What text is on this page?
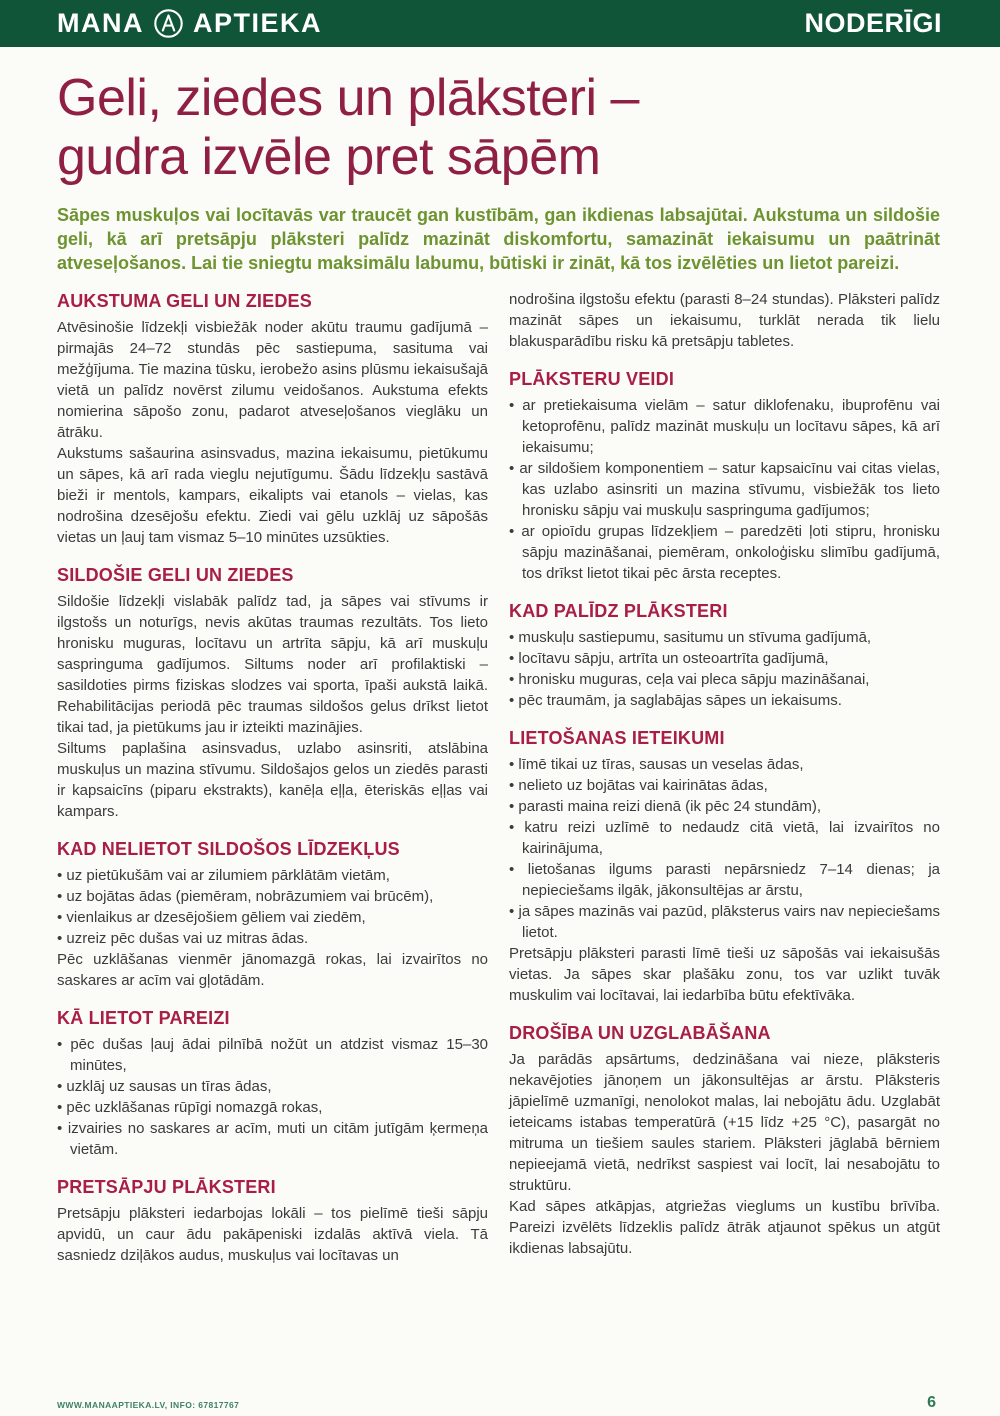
MANA APTIEKA	NODERĪGI
Geli, ziedes un plāksteri –
gudra izvēle pret sāpēm

Sāpes muskuļos vai locītavās var traucēt gan kustībām, gan ikdienas labsajūtai. Aukstuma un sildošie geli, kā arī pretsāpju plāksteri palīdz mazināt diskomfortu, samazināt iekaisumu un paātrināt atveseļošanos. Lai tie sniegtu maksimālu labumu, būtiski ir zināt, kā tos izvēlēties un lietot pareizi.

AUKSTUMA GELI UN ZIEDES

Atvēsinošie līdzekļi visbiežāk noder akūtu traumu gadījumā – pirmajās 24–72 stundās pēc sastiepuma, sasituma vai mežģījuma. Tie mazina tūsku, ierobežo asins plūsmu iekaisušajā vietā un palīdz novērst zilumu veidošanos. Aukstuma efekts nomierina sāpošo zonu, padarot atveseļošanos vieglāku un ātrāku.

Aukstums sašaurina asinsvadus, mazina iekaisumu, pietūkumu un sāpes, kā arī rada vieglu nejutīgumu. Šādu līdzekļu sastāvā bieži ir mentols, kampars, eikalipts vai etanols – vielas, kas nodrošina dzesējošu efektu. Ziedi vai gēlu uzklāj uz sāpošās vietas un ļauj tam vismaz 5–10 minūtes uzsūkties.

SILDOŠIE GELI UN ZIEDES

Sildošie līdzekļi vislabāk palīdz tad, ja sāpes vai stīvums ir ilgstošs un noturīgs, nevis akūtas traumas rezultāts. Tos lieto hronisku muguras, locītavu un artrīta sāpju, kā arī muskuļu saspringuma gadījumos. Siltums noder arī profilaktiski – sasildoties pirms fiziskas slodzes vai sporta, īpaši aukstā laikā. Rehabilitācijas periodā pēc traumas sildošos gelus drīkst lietot tikai tad, ja pietūkums jau ir izteikti mazinājies.

Siltums paplašina asinsvadus, uzlabo asinsriti, atslābina muskuļus un mazina stīvumu. Sildošajos gelos un ziedēs parasti ir kapsaicīns (piparu ekstrakts), kanēļa eļļa, ēteriskās eļļas vai kampars.

KAD NELIETOT SILDOŠOS LĪDZEKĻUS
• uz pietūkušām vai ar zilumiem pārklātām vietām,
• uz bojātas ādas (piemēram, nobrāzumiem vai brūcēm),
• vienlaikus ar dzesējošiem gēliem vai ziedēm,
• uzreiz pēc dušas vai uz mitras ādas.

Pēc uzklāšanas vienmēr jānomazgā rokas, lai izvairītos no saskares ar acīm vai gļotādām.

KĀ LIETOT PAREIZI
• pēc dušas ļauj ādai pilnībā nožūt un atdzist vismaz 15–30 minūtes,
• uzklāj uz sausas un tīras ādas,
• pēc uzklāšanas rūpīgi nomazgā rokas,
• izvairies no saskares ar acīm, muti un citām jutīgām ķermeņa vietām.
PRETSĀPJU PLĀKSTERI

Pretsāpju plāksteri iedarbojas lokāli – tos pielīmē tieši sāpju apvidū, un caur ādu pakāpeniski izdalās aktīvā viela. Tā sasniedz dziļākos audus, muskuļus vai locītavas un

nodrošina ilgstošu efektu (parasti 8–24 stundas). Plāksteri palīdz mazināt sāpes un iekaisumu, turklāt nerada tik lielu blakusparādību risku kā pretsāpju tabletes.

PLĀKSTERU VEIDI
• ar pretiekaisuma vielām – satur diklofenaku, ibuprofēnu vai ketoprofēnu, palīdz mazināt muskuļu un locītavu sāpes, kā arī iekaisumu;
• ar sildošiem komponentiem – satur kapsaicīnu vai citas vielas, kas uzlabo asinsriti un mazina stīvumu, visbiežāk tos lieto hronisku sāpju vai muskuļu saspringuma gadījumos;
• ar opioīdu grupas līdzekļiem – paredzēti ļoti stipru, hronisku sāpju mazināšanai, piemēram, onkoloģisku slimību gadījumā, tos drīkst lietot tikai pēc ārsta receptes.
KAD PALĪDZ PLĀKSTERI
• muskuļu sastiepumu, sasitumu un stīvuma gadījumā,
• locītavu sāpju, artrīta un osteoartrīta gadījumā,
• hronisku muguras, ceļa vai pleca sāpju mazināšanai,
• pēc traumām, ja saglabājas sāpes un iekaisums.
LIETOŠANAS IETEIKUMI
• līmē tikai uz tīras, sausas un veselas ādas,
• nelieto uz bojātas vai kairinātas ādas,
• parasti maina reizi dienā (ik pēc 24 stundām),
• katru reizi uzlīmē to nedaudz citā vietā, lai izvairītos no kairinājuma,
• lietošanas ilgums parasti nepārsniedz 7–14 dienas; ja nepieciešams ilgāk, jākonsultējas ar ārstu,
• ja sāpes mazinās vai pazūd, plāksterus vairs nav nepieciešams lietot.

Pretsāpju plāksteri parasti līmē tieši uz sāpošās vai iekaisušās vietas. Ja sāpes skar plašāku zonu, tos var uzlikt tuvāk muskulim vai locītavai, lai iedarbība būtu efektīvāka.

DROŠĪBA UN UZGLABĀŠANA

Ja parādās apsārtums, dedzināšana vai nieze, plāksteris nekavējoties jānoņem un jākonsultējas ar ārstu. Plāksteris jāpielīmē uzmanīgi, nenolokot malas, lai nebojātu ādu. Uzglabāt ieteicams istabas temperatūrā (+15 līdz +25 °C), pasargāt no mitruma un tiešiem saules stariem. Plāksteri jāglabā bērniem nepieejamā vietā, nedrīkst saspiest vai locīt, lai nesabojātu to struktūru.

Kad sāpes atkāpjas, atgriežas vieglums un kustību brīvība. Pareizi izvēlēts līdzeklis palīdz ātrāk atjaunot spēkus un atgūt ikdienas labsajūtu.

WWW.MANAAPTIEKA.LV, INFO: 67817767	6
